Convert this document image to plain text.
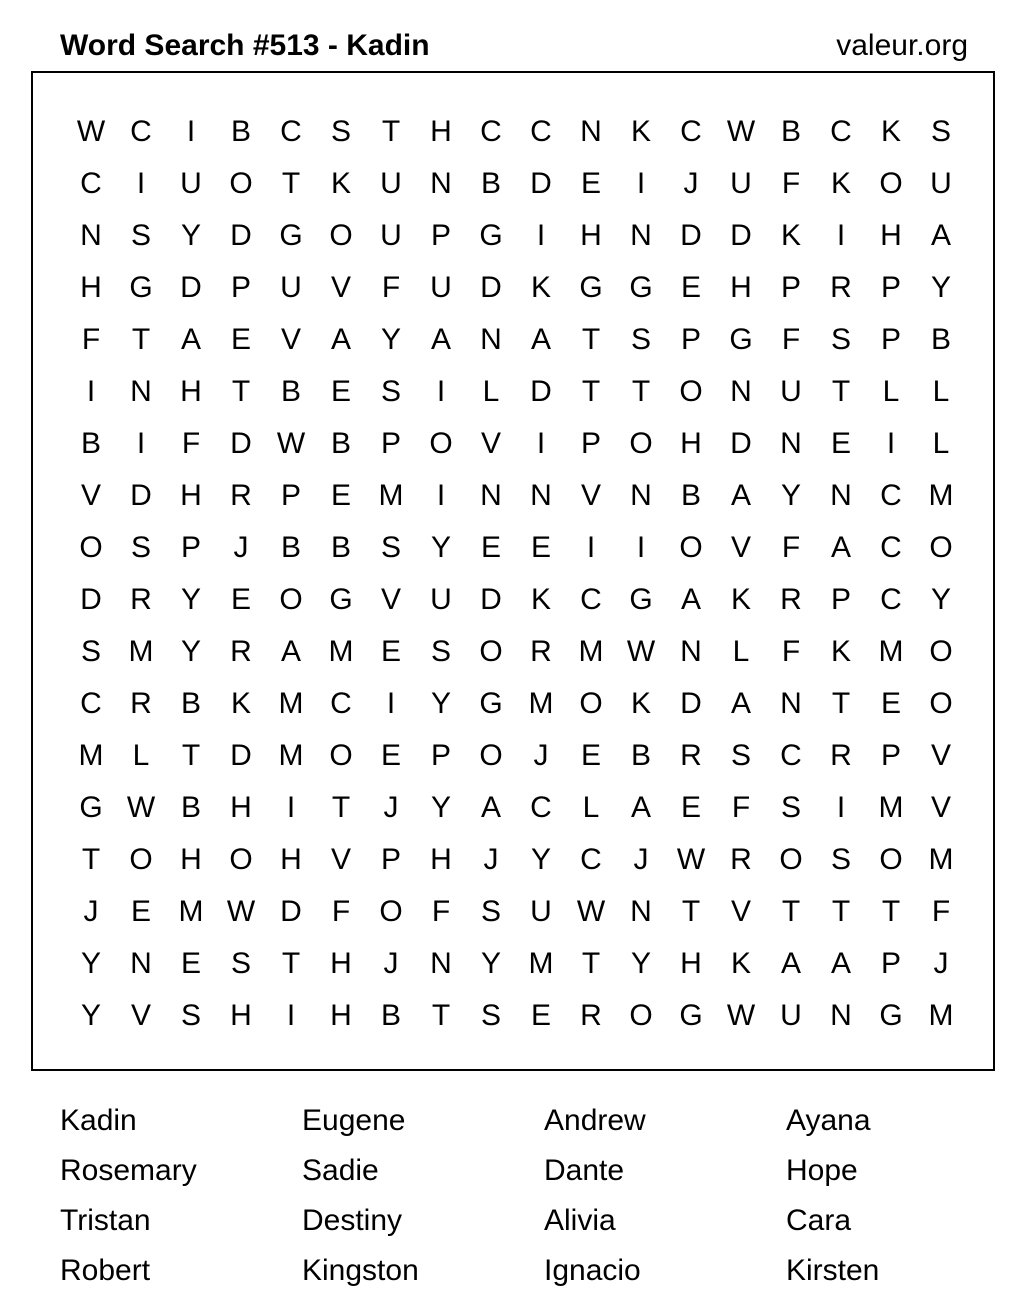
Word Search #513 - Kadin	valeur.org
W C	I	B C S	T	H C C N K C W B C K S
C	I	U O T	K U N B D E	I	J	U	F	K O U
N S Y D G O U P G	I	H N D D K	I	H A
H G D P U V	F	U D K G G E H P R P Y
F	T	A E V A Y A N A	T	S P G F	S P B
I	N H	T	B E S	I	L	D	T	T O N U	T	L	L
B	I	F	D W B P O V	I	P O H D N E	I	L
V D H R P E M	I	N N V N B A Y N C M
O S P	J	B B S Y E E	I	I	O V	F	A C O
D R Y E O G V U D K C G A K R P C Y
S M Y R A M E S O R M W N	L	F	K M O
C R B K M C	I	Y G M O K D A N	T	E O
M L	T	D M O E P O	J	E B R S C R P V
G W B H	I	T	J	Y A C	L	A E	F	S	I	M V
T O H O H V P H	J	Y C	J W R O S O M
J	E M W D	F O F	S U W N	T	V	T	T	T	F
Y N E S	T	H	J	N Y M T	Y H K A A P	J
Y V S H	I	H B	T	S E R O G W U N G M
Kadin	Eugene	Andrew	Ayana
Rosemary	Sadie	Dante	Hope
Tristan	Destiny	Alivia	Cara
Robert	Kingston	Ignacio	Kirsten
